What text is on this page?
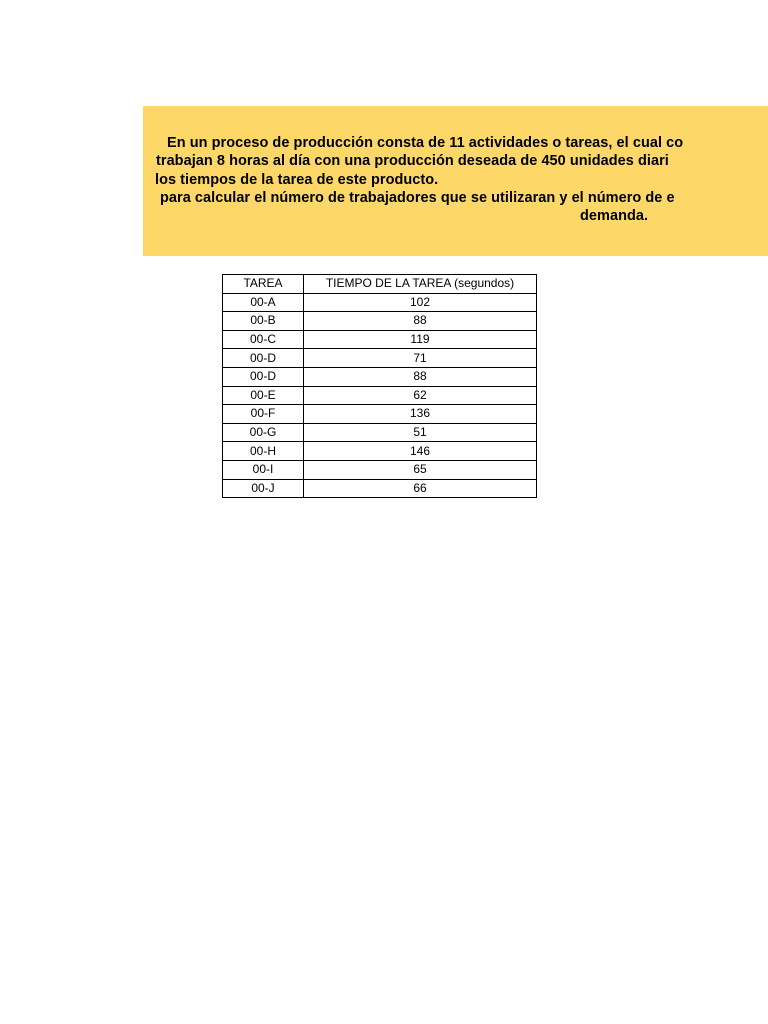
En un proceso de producción consta de 11 actividades o tareas, el cual co
trabajan 8 horas al día con una producción deseada de 450 unidades diari
los tiempos de la tarea de este producto.
para calcular el número de trabajadores que se utilizaran y el número de e
demanda.
TAREA	TIEMPO DE LA TAREA (segundos)
00-A	102
00-B	88
00-C	119
00-D	71
00-D	88
00-E	62
00-F	136
00-G	51
00-H	146
00-I	65
00-J	66
